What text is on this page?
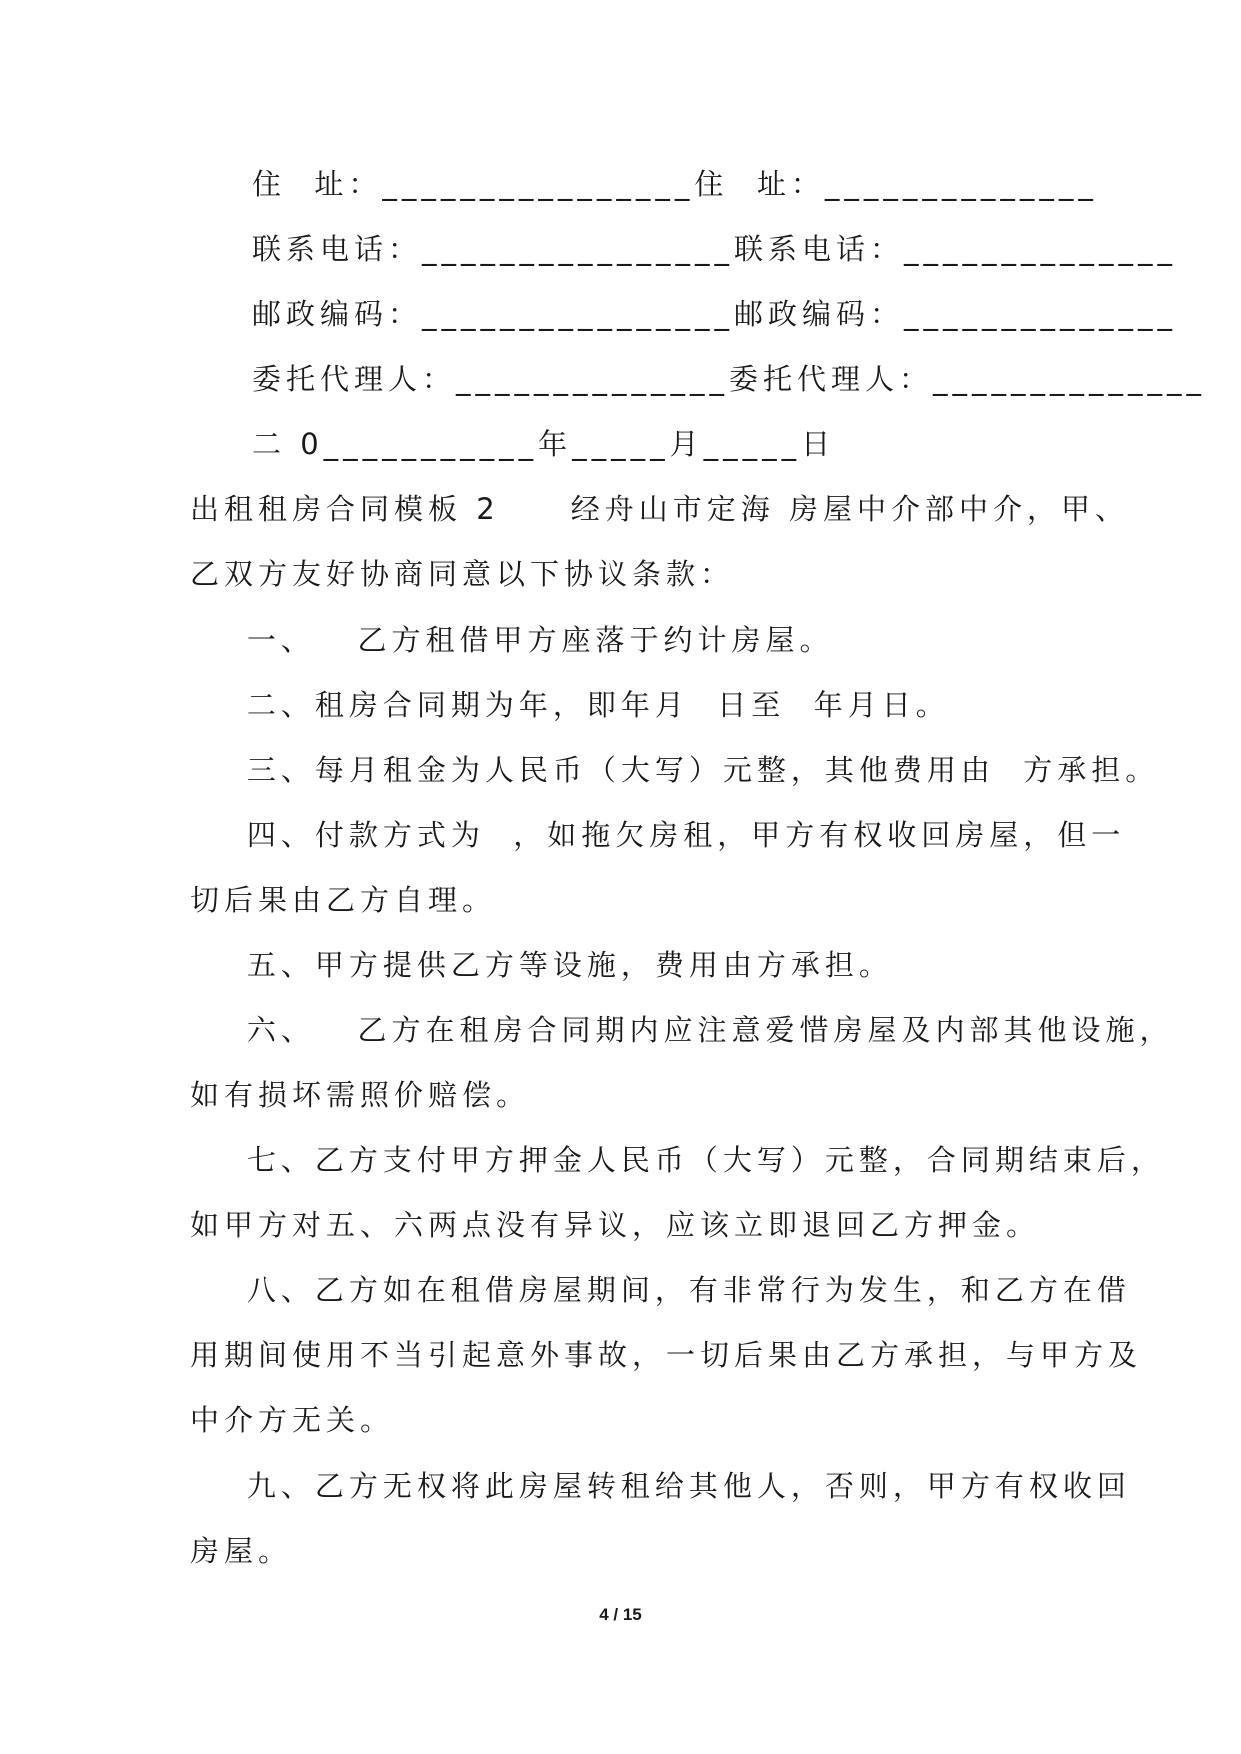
住  址：________________住  址：______________
联系电话：________________联系电话：______________
邮政编码：________________邮政编码：______________
委托代理人：______________委托代理人：______________
二 0___________年_____月_____日
出租租房合同模板 2     经舟山市定海 房屋中介部中介，甲、
乙双方友好协商同意以下协议条款：
一、   乙方租借甲方座落于约计房屋。
二、租房合同期为年，即年月  日至  年月日。
三、每月租金为人民币（大写）元整，其他费用由  方承担。
四、付款方式为  ，如拖欠房租，甲方有权收回房屋，但一
切后果由乙方自理。
五、甲方提供乙方等设施，费用由方承担。
六、   乙方在租房合同期内应注意爱惜房屋及内部其他设施，
如有损坏需照价赔偿。
七、乙方支付甲方押金人民币（大写）元整，合同期结束后，
如甲方对五、六两点没有异议，应该立即退回乙方押金。
八、乙方如在租借房屋期间，有非常行为发生，和乙方在借
用期间使用不当引起意外事故，一切后果由乙方承担，与甲方及
中介方无关。
九、乙方无权将此房屋转租给其他人，否则，甲方有权收回
房屋。
4 / 15
